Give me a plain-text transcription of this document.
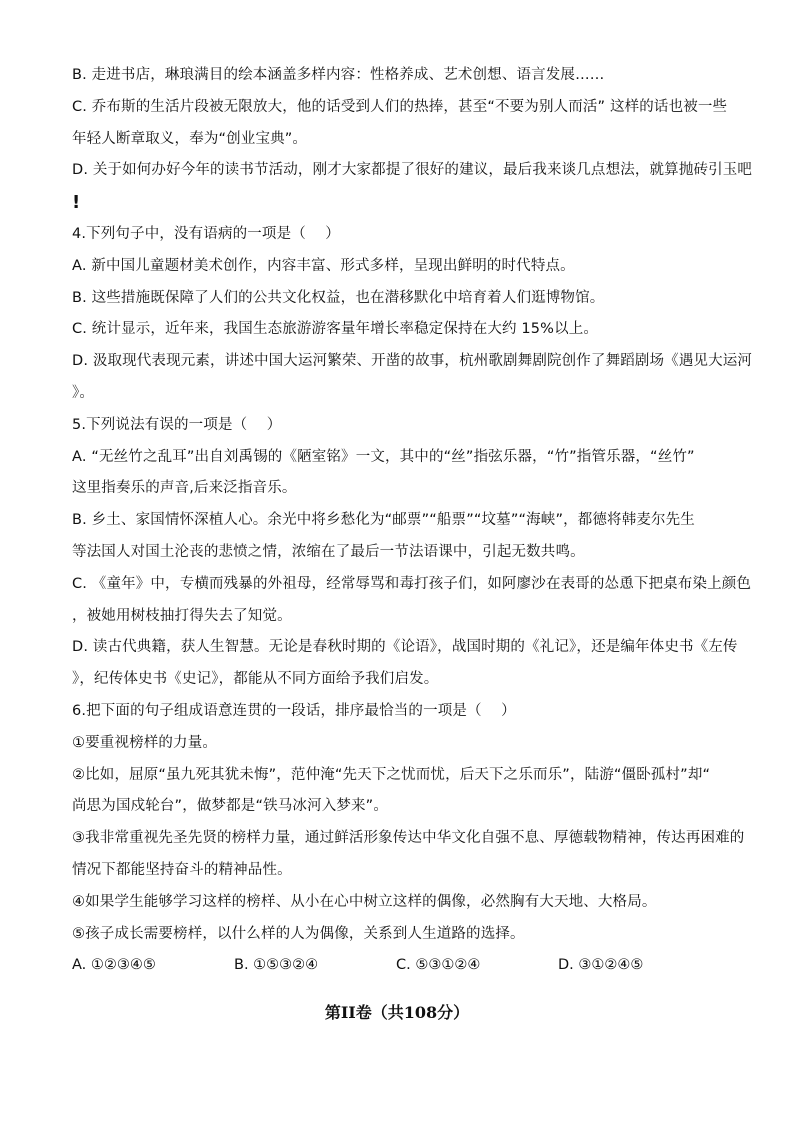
B. 走进书店，琳琅满目的绘本涵盖多样内容：性格养成、艺术创想、语言发展……
C. 乔布斯的生活片段被无限放大，他的话受到人们的热捧，甚至“不要为别人而活” 这样的话也被一些
年轻人断章取义，奉为“创业宝典”。
D. 关于如何办好今年的读书节活动，刚才大家都提了很好的建议，最后我来谈几点想法，就算抛砖引玉吧
!
4.下列句子中，没有语病的一项是（　 ）
A. 新中国儿童题材美术创作，内容丰富、形式多样，呈现出鲜明的时代特点。
B. 这些措施既保障了人们的公共文化权益，也在潜移默化中培育着人们逛博物馆。
C. 统计显示，近年来，我国生态旅游游客量年增长率稳定保持在大约 15%以上。
D. 汲取现代表现元素，讲述中国大运河繁荣、开凿的故事，杭州歌剧舞剧院创作了舞蹈剧场《遇见大运河
》。
5.下列说法有误的一项是（　 ）
A. “无丝竹之乱耳”出自刘禹锡的《陋室铭》一文，其中的“丝”指弦乐器，“竹”指管乐器，“丝竹”
这里指奏乐的声音,后来泛指音乐。
B. 乡土、家国情怀深植人心。余光中将乡愁化为“邮票”“船票”“坟墓”“海峡”，都德将韩麦尔先生
等法国人对国土沦丧的悲愤之情，浓缩在了最后一节法语课中，引起无数共鸣。
C. 《童年》中，专横而残暴的外祖母，经常辱骂和毒打孩子们，如阿廖沙在表哥的怂恿下把桌布染上颜色
，被她用树枝抽打得失去了知觉。
D. 读古代典籍，获人生智慧。无论是春秋时期的《论语》，战国时期的《礼记》，还是编年体史书《左传
》，纪传体史书《史记》，都能从不同方面给予我们启发。
6.把下面的句子组成语意连贯的一段话，排序最恰当的一项是（　 ）
①要重视榜样的力量。
②比如，屈原“虽九死其犹未悔”，范仲淹“先天下之忧而忧，后天下之乐而乐”，陆游“僵卧孤村”却“
尚思为国戍轮台”，做梦都是“铁马冰河入梦来”。
③我非常重视先圣先贤的榜样力量，通过鲜活形象传达中华文化自强不息、厚德载物精神，传达再困难的
情况下都能坚持奋斗的精神品性。
④如果学生能够学习这样的榜样、从小在心中树立这样的偶像，必然胸有大天地、大格局。
⑤孩子成长需要榜样，以什么样的人为偶像，关系到人生道路的选择。
A. ①②③④⑤	B. ①⑤③②④	C. ⑤③①②④	D. ③①②④⑤
第II卷（共108分）
